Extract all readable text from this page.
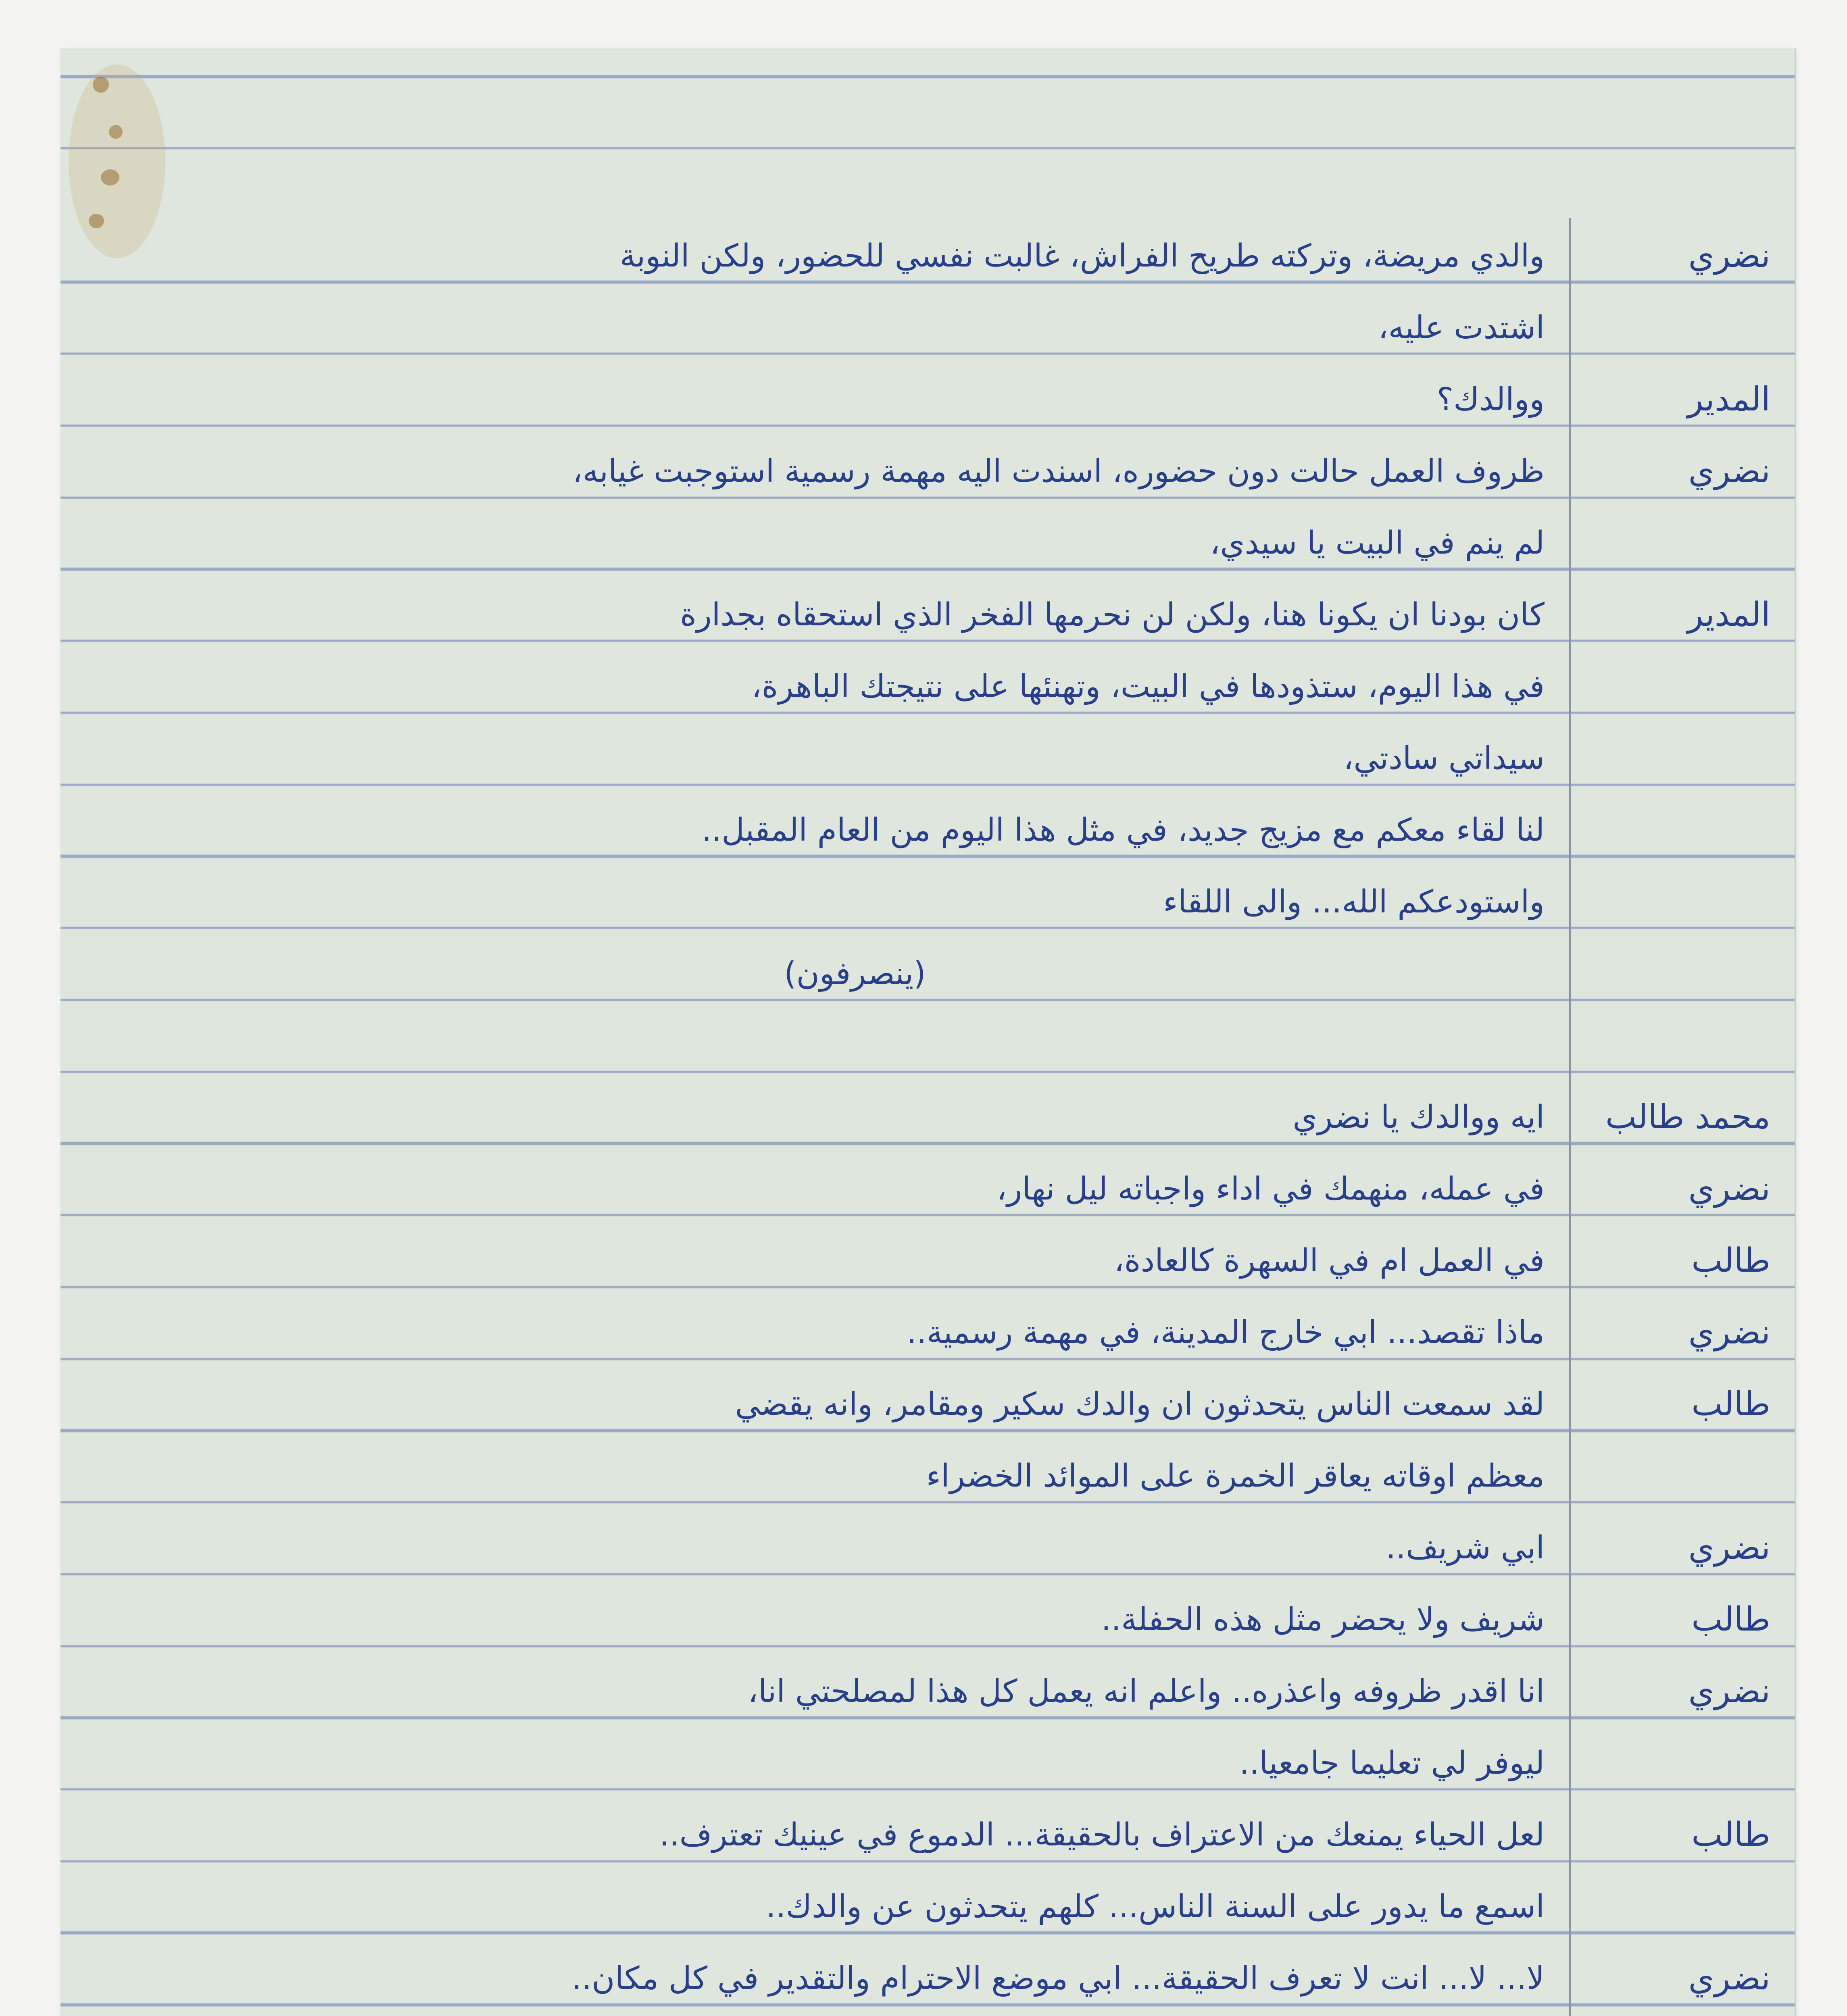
نضري
والدي مريضة، وتركته طريح الفراش، غالبت نفسي للحضور، ولكن النوبة
اشتدت عليه،
المدير
ووالدك؟
نضري
ظروف العمل حالت دون حضوره، اسندت اليه مهمة رسمية استوجبت غيابه،
لم ينم في البيت يا سيدي،
المدير
كان بودنا ان يكونا هنا، ولكن لن نحرمها الفخر الذي استحقاه بجدارة
في هذا اليوم، ستذودها في البيت، وتهنئها على نتيجتك الباهرة،
سيداتي سادتي،
لنا لقاء معكم مع مزيج جديد، في مثل هذا اليوم من العام المقبل..
واستودعكم الله... والى اللقاء
(ينصرفون)
محمد طالب
ايه ووالدك يا نضري
نضري
في عمله، منهمك في اداء واجباته ليل نهار،
طالب
في العمل ام في السهرة كالعادة،
نضري
ماذا تقصد... ابي خارج المدينة، في مهمة رسمية..
طالب
لقد سمعت الناس يتحدثون ان والدك سكير ومقامر، وانه يقضي
معظم اوقاته يعاقر الخمرة على الموائد الخضراء
نضري
ابي شريف..
طالب
شريف ولا يحضر مثل هذه الحفلة..
نضري
انا اقدر ظروفه واعذره.. واعلم انه يعمل كل هذا لمصلحتي انا،
ليوفر لي تعليما جامعيا..
طالب
لعل الحياء يمنعك من الاعتراف بالحقيقة... الدموع في عينيك تعترف..
اسمع ما يدور على السنة الناس... كلهم يتحدثون عن والدك..
نضري
لا... لا... انت لا تعرف الحقيقة... ابي موضع الاحترام والتقدير في كل مكان..
